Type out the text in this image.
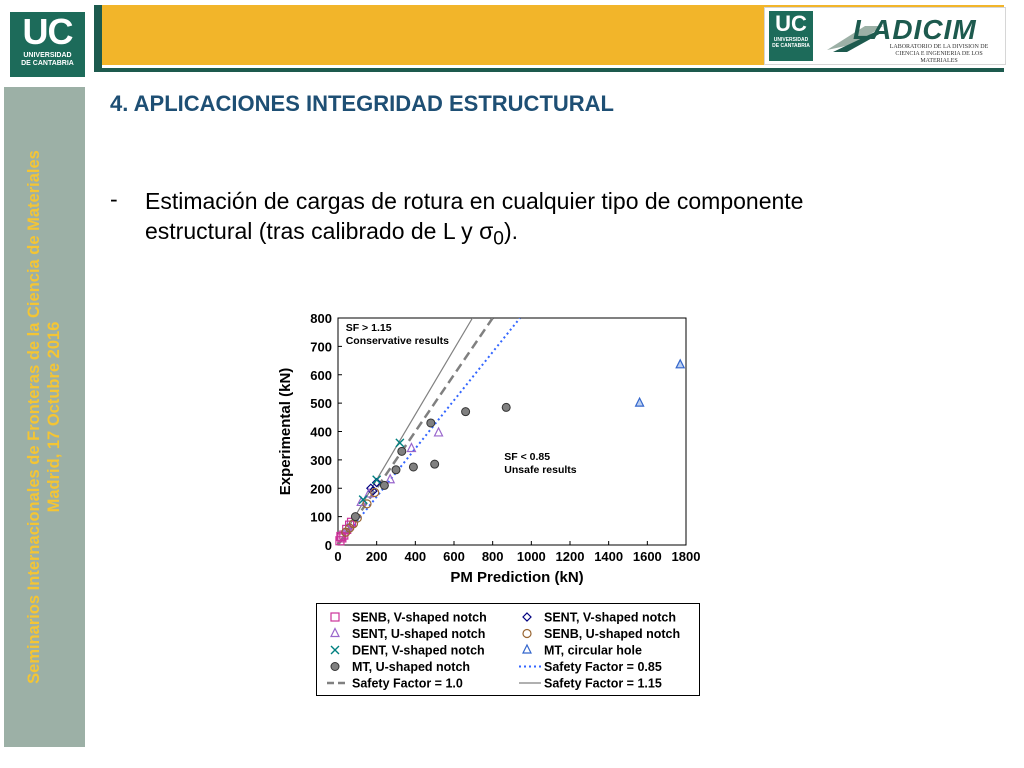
UC
UNIVERSIDAD
DE CANTABRIA
UC
UNIVERSIDAD
DE CANTABRIA
LADICIM
LABORATORIO DE LA DIVISION DE
CIENCIA E INGENIERIA DE LOS MATERIALES
Seminarios Internacionales de Fronteras de la Ciencia de Materiales Madrid, 17 Octubre 2016
4. APLICACIONES INTEGRIDAD ESTRUCTURAL
- Estimación de cargas de rotura en cualquier tipo de componente estructural (tras calibrado de L y $\sigma_0$).
0 200 400 600 800 1000 1200 1400 1600 1800
0
100
200
300
400
500
600
700
800
PM Prediction (kN)
Experimental (kN)
SF > 1.15
Conservative results
SF < 0.85
Unsafe results
SENB, V-shaped notch	SENT, V-shaped notch
SENT, U-shaped notch	SENB, U-shaped notch
DENT, V-shaped notch	MT, circular hole
MT, U-shaped notch	Safety Factor = 0.85
Safety Factor = 1.0	Safety Factor = 1.15
